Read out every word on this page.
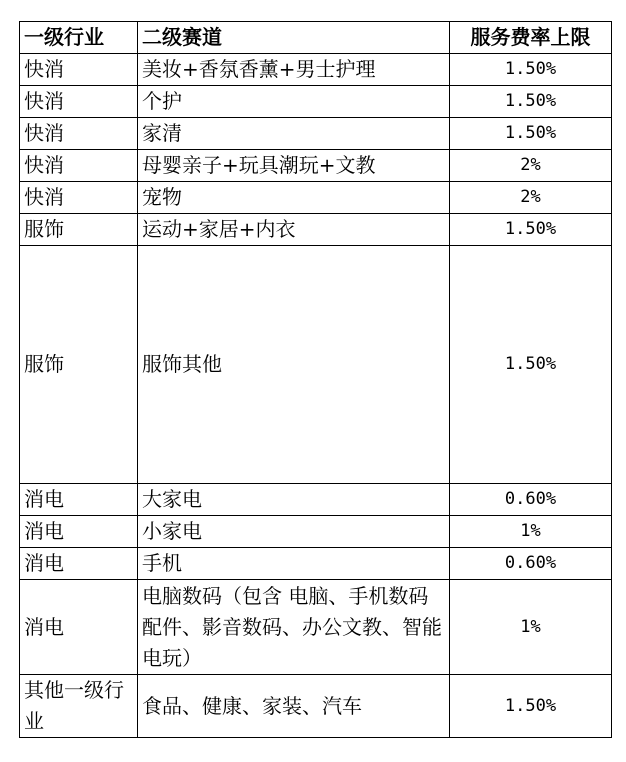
一级行业	二级赛道	服务费率上限
快消	美妆+香氛香薰+男士护理	1.50%
快消	个护	1.50%
快消	家清	1.50%
快消	母婴亲子+玩具潮玩+文教	2%
快消	宠物	2%
服饰	运动+家居+内衣	1.50%
服饰	服饰其他	1.50%
消电	大家电	0.60%
消电	小家电	1%
消电	手机	0.60%
消电	电脑数码（包含 电脑、手机数码配件、影音数码、办公文教、智能电玩）	1%
其他一级行业	食品、健康、家装、汽车	1.50%
